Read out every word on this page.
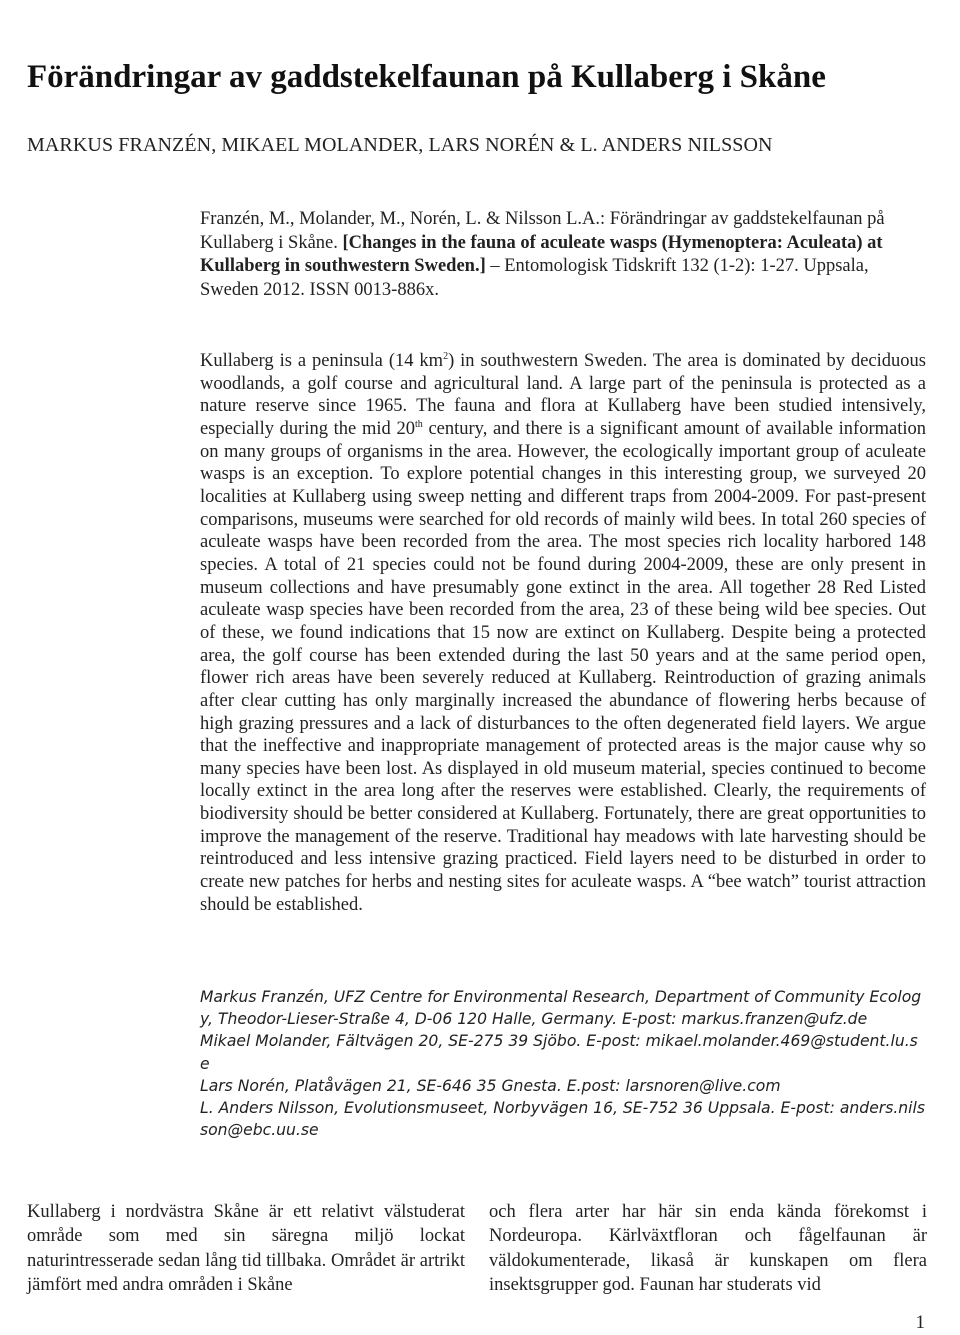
Förändringar av gaddstekelfaunan på Kullaberg i Skåne
MARKUS FRANZÉN, MIKAEL MOLANDER, LARS NORÉN & L. ANDERS NILSSON
Franzén, M., Molander, M., Norén, L. & Nilsson L.A.: Förändringar av gaddstekelfaunan på Kullaberg i Skåne. [Changes in the fauna of aculeate wasps (Hymenoptera: Aculeata) at Kullaberg in southwestern Sweden.] – Entomologisk Tidskrift 132 (1-2): 1-27. Uppsala, Sweden 2012. ISSN 0013-886x.
Kullaberg is a peninsula (14 $km^2$) in southwestern Sweden. The area is dominated by deciduous woodlands, a golf course and agricultural land. A large part of the peninsula is protected as a nature reserve since 1965. The fauna and flora at Kullaberg have been studied intensively, especially during the mid 20th century, and there is a significant amount of available information on many groups of organisms in the area. However, the ecologically important group of aculeate wasps is an exception. To explore potential changes in this interesting group, we surveyed 20 localities at Kullaberg using sweep netting and different traps from 2004-2009. For past-present comparisons, museums were searched for old records of mainly wild bees. In total 260 species of aculeate wasps have been recorded from the area. The most species rich locality harbored 148 species. A total of 21 species could not be found during 2004-2009, these are only present in museum collections and have presumably gone extinct in the area. All together 28 Red Listed aculeate wasp species have been recorded from the area, 23 of these being wild bee species. Out of these, we found indications that 15 now are extinct on Kullaberg. Despite being a protected area, the golf course has been extended during the last 50 years and at the same period open, flower rich areas have been severely reduced at Kullaberg. Reintroduction of grazing animals after clear cutting has only marginally increased the abundance of flowering herbs because of high grazing pressures and a lack of disturbances to the often degenerated field layers. We argue that the ineffective and inappropriate management of protected areas is the major cause why so many species have been lost. As displayed in old museum material, species continued to become locally extinct in the area long after the reserves were established. Clearly, the requirements of biodiversity should be better considered at Kullaberg. Fortunately, there are great opportunities to improve the management of the reserve. Traditional hay meadows with late harvesting should be reintroduced and less intensive grazing practiced. Field layers need to be disturbed in order to create new patches for herbs and nesting sites for aculeate wasps. A “bee watch” tourist attraction should be established.

Markus Franzén, UFZ Centre for Environmental Research, Department of Community Ecology, Theodor-Lieser-Straße 4, D-06 120 Halle, Germany. E-post: markus.franzen@ufz.de

Mikael Molander, Fältvägen 20, SE-275 39 Sjöbo. E-post: mikael.molander.469@student.lu.se

Lars Norén, Platåvägen 21, SE-646 35 Gnesta. E.post: larsnoren@live.com

L. Anders Nilsson, Evolutionsmuseet, Norbyvägen 16, SE-752 36 Uppsala. E-post: anders.nilsson@ebc.uu.se

Kullaberg i nordvästra Skåne är ett relativt välstuderat område som med sin säregna miljö lockat naturintresserade sedan lång tid tillbaka. Området är artrikt jämfört med andra områden i Skåne
och flera arter har här sin enda kända förekomst i Nordeuropa. Kärlväxtfloran och fågelfaunan är väldokumenterade, likaså är kunskapen om flera insektsgrupper god. Faunan har studerats vid
1
